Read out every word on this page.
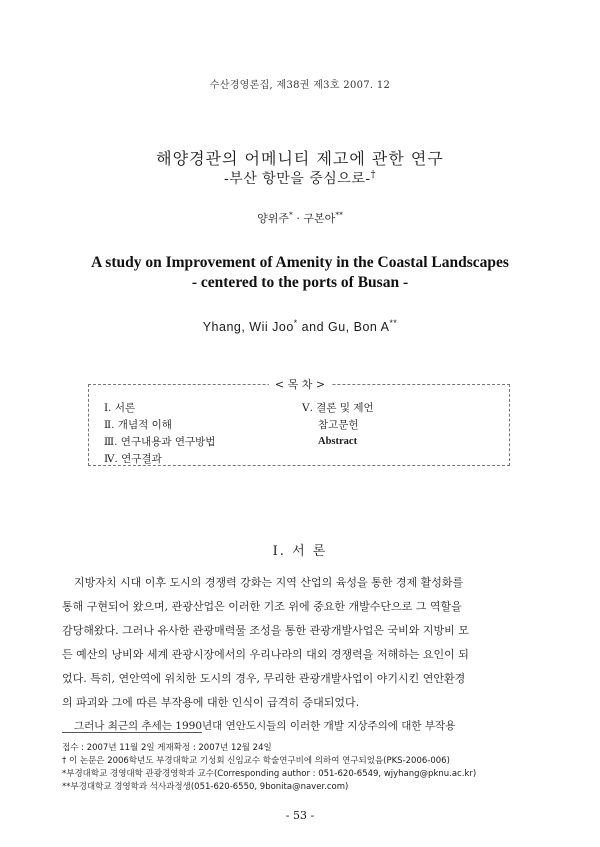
수산경영론집, 제38권 제3호 2007. 12
해양경관의 어메니티 제고에 관한 연구
-부산 항만을 중심으로-†
양위주* · 구본아**
A study on Improvement of Amenity in the Coastal Landscapes
- centered to the ports of Busan -
Yhang, Wii Joo* and Gu, Bon A**
< 목 차 >
Ⅰ. 서론
Ⅱ. 개념적 이해
Ⅲ. 연구내용과 연구방법
Ⅳ. 연구결과
Ⅴ. 결론 및 제언
참고문헌
Abstract
Ⅰ. 서 론
지방자치 시대 이후 도시의 경쟁력 강화는 지역 산업의 육성을 통한 경제 활성화를
통해 구현되어 왔으며, 관광산업은 이러한 기조 위에 중요한 개발수단으로 그 역할을
감당해왔다. 그러나 유사한 관광매력물 조성을 통한 관광개발사업은 국비와 지방비 모
든 예산의 낭비와 세계 관광시장에서의 우리나라의 대외 경쟁력을 저해하는 요인이 되
었다. 특히, 연안역에 위치한 도시의 경우, 무리한 관광개발사업이 야기시킨 연안환경
의 파괴와 그에 따른 부작용에 대한 인식이 급격히 증대되었다.
그러나 최근의 추세는 1990년대 연안도시들의 이러한 개발 지상주의에 대한 부작용
접수 : 2007년 11월 2일 게재확정 : 2007년 12월 24일
† 이 논문은 2006학년도 부경대학교 기성회 신임교수 학술연구비에 의하여 연구되었음(PKS-2006-006)
*부경대학교 경영대학 관광경영학과 교수(Corresponding author : 051-620-6549, wjyhang@pknu.ac.kr)
**부경대학교 경영학과 석사과정생(051-620-6550, 9bonita@naver.com)
- 53 -
